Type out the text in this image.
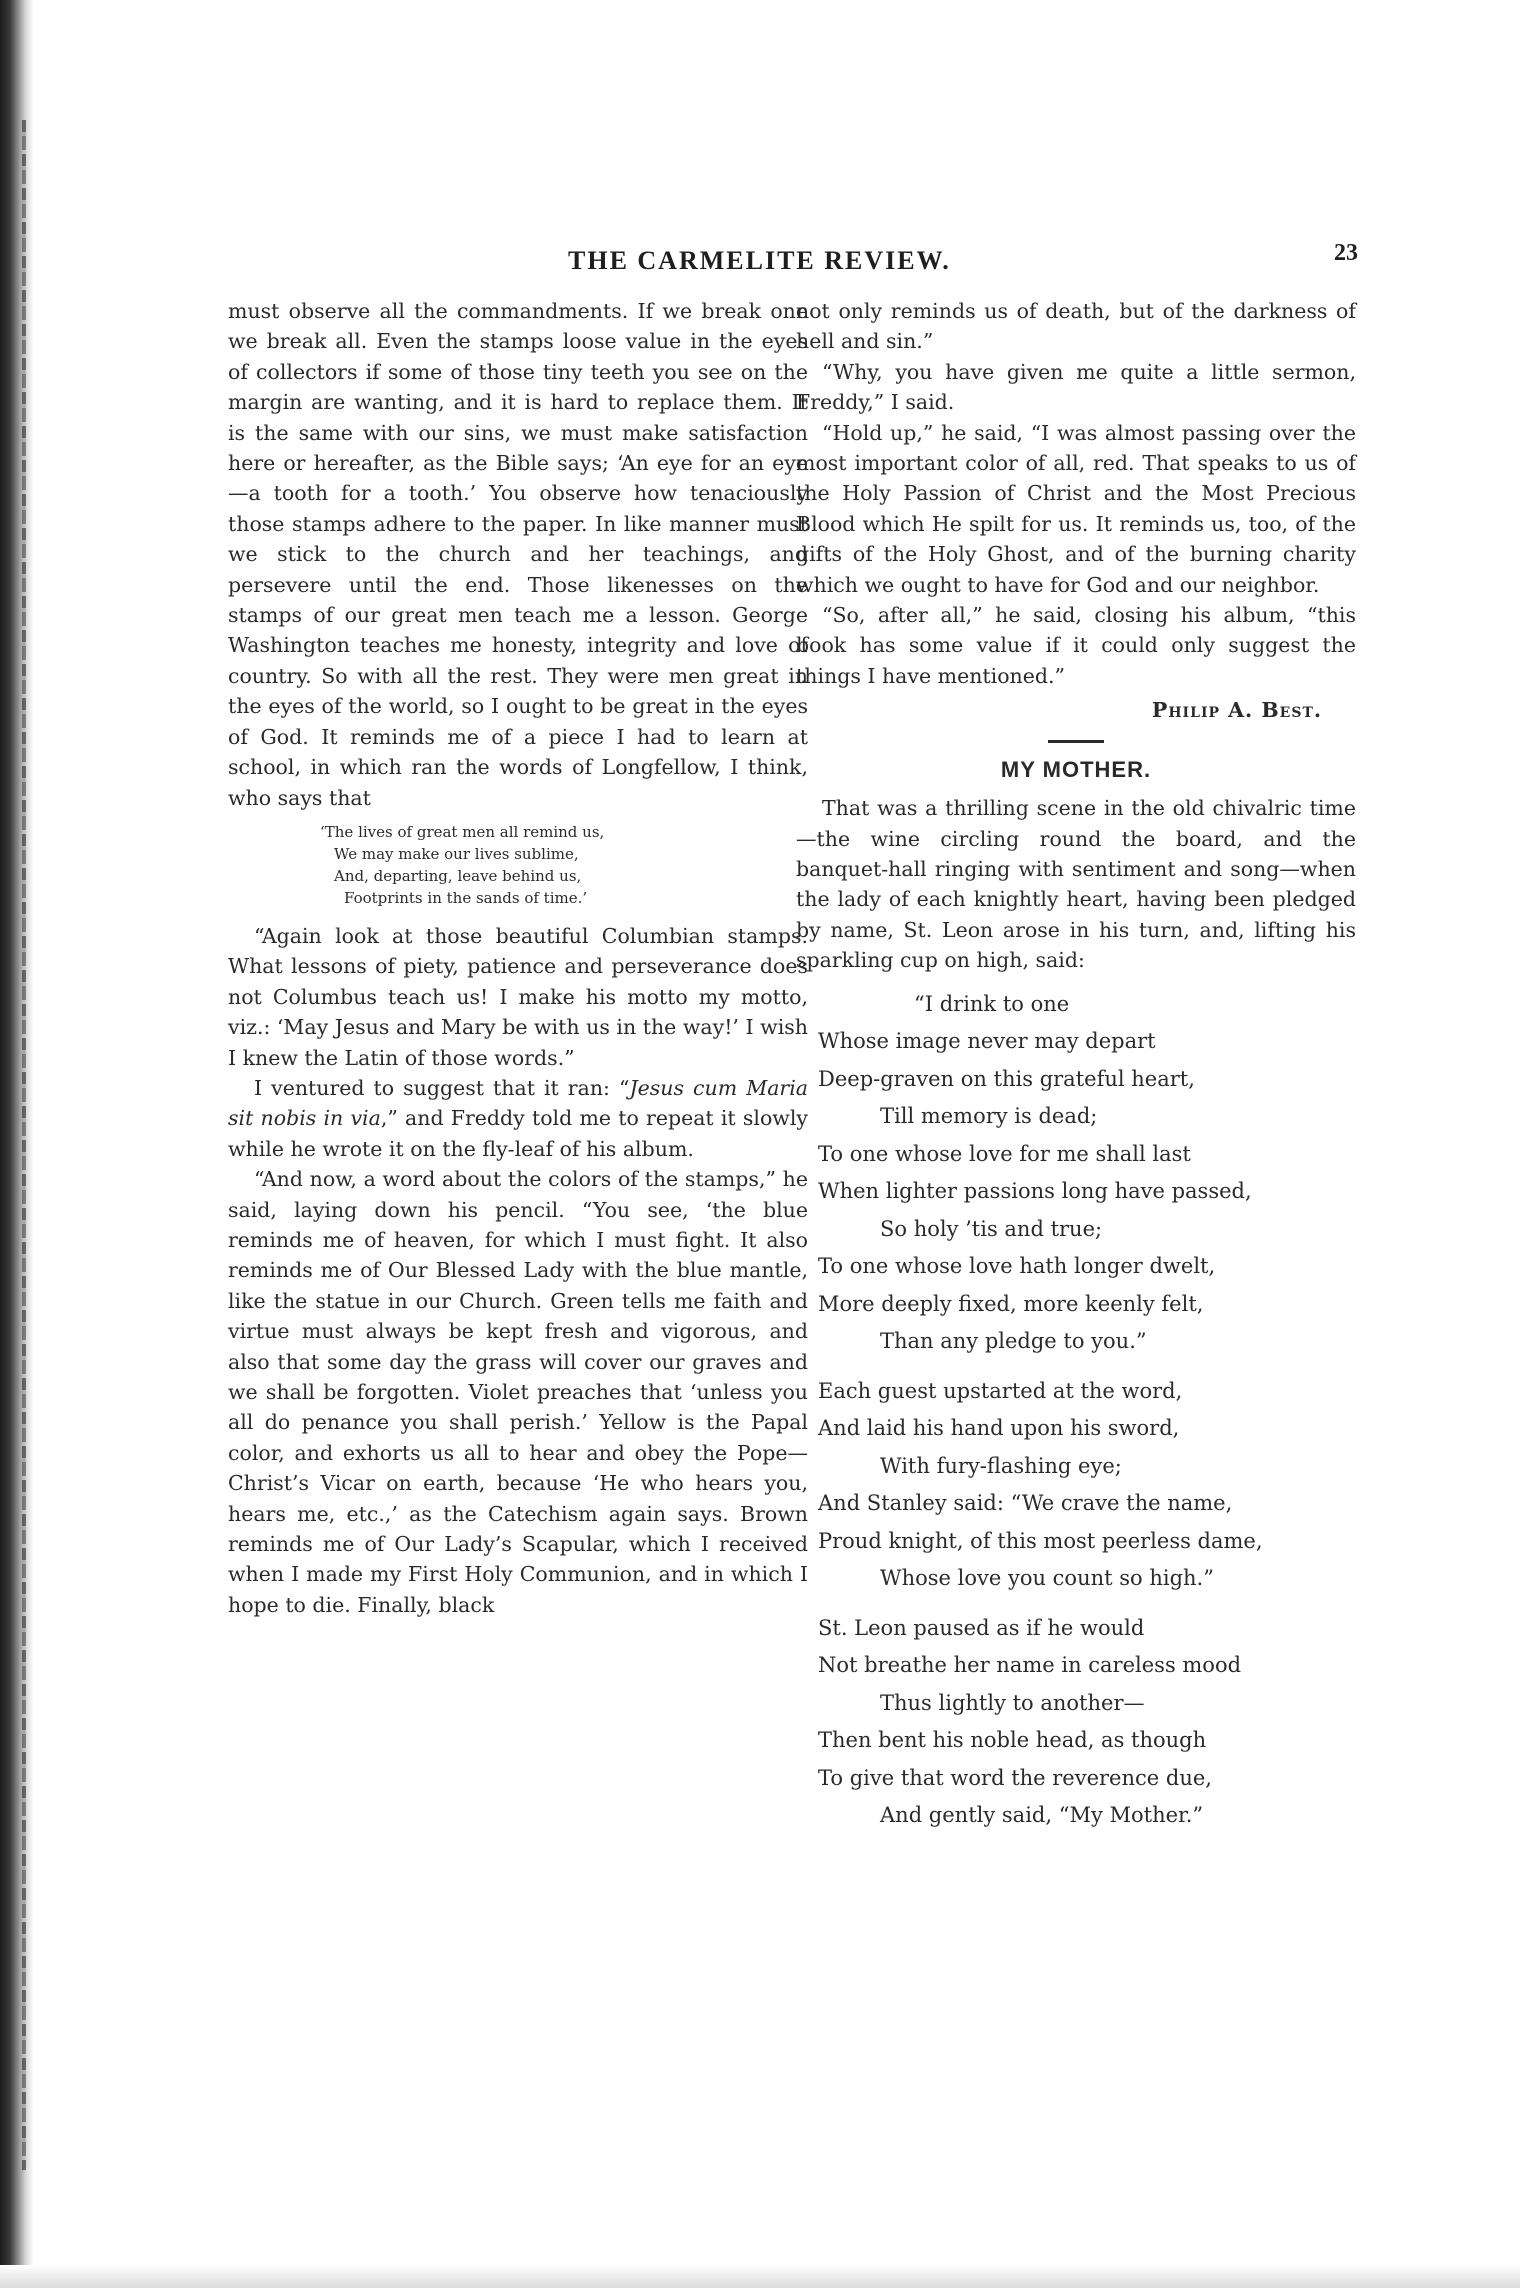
THE CARMELITE REVIEW.	23

must observe all the commandments. If we break one we break all. Even the stamps loose value in the eyes of collectors if some of those tiny teeth you see on the margin are wanting, and it is hard to replace them. It is the same with our sins, we must make satisfaction here or hereafter, as the Bible says; ‘An eye for an eye —a tooth for a tooth.’ You observe how tenaciously those stamps adhere to the paper. In like manner must we stick to the church and her teachings, and persevere until the end. Those likenesses on the stamps of our great men teach me a lesson. George Washington teaches me honesty, integrity and love of country. So with all the rest. They were men great in the eyes of the world, so I ought to be great in the eyes of God. It reminds me of a piece I had to learn at school, in which ran the words of Longfellow, I think, who says that

‘The lives of great men all remind us,
We may make our lives sublime,
And, departing, leave behind us,
Footprints in the sands of time.’

“Again look at those beautiful Columbian stamps. What lessons of piety, patience and perseverance does not Columbus teach us! I make his motto my motto, viz.: ‘May Jesus and Mary be with us in the way!’ I wish I knew the Latin of those words.”

I ventured to suggest that it ran: “Jesus cum Maria sit nobis in via,” and Freddy told me to repeat it slowly while he wrote it on the fly-leaf of his album.

“And now, a word about the colors of the stamps,” he said, laying down his pencil. “You see, ‘the blue reminds me of heaven, for which I must fight. It also reminds me of Our Blessed Lady with the blue mantle, like the statue in our Church. Green tells me faith and virtue must always be kept fresh and vigorous, and also that some day the grass will cover our graves and we shall be forgotten. Violet preaches that ‘unless you all do penance you shall perish.’ Yellow is the Papal color, and exhorts us all to hear and obey the Pope—Christ’s Vicar on earth, because ‘He who hears you, hears me, etc.,’ as the Catechism again says. Brown reminds me of Our Lady’s Scapular, which I received when I made my First Holy Communion, and in which I hope to die. Finally, black

not only reminds us of death, but of the darkness of hell and sin.”

“Why, you have given me quite a little sermon, Freddy,” I said.

“Hold up,” he said, “I was almost passing over the most important color of all, red. That speaks to us of the Holy Passion of Christ and the Most Precious Blood which He spilt for us. It reminds us, too, of the gifts of the Holy Ghost, and of the burning charity which we ought to have for God and our neighbor.

“So, after all,” he said, closing his album, “this book has some value if it could only suggest the things I have mentioned.”

Philip A. Best.
MY MOTHER.

That was a thrilling scene in the old chivalric time—the wine circling round the board, and the banquet-hall ringing with sentiment and song—when the lady of each knightly heart, having been pledged by name, St. Leon arose in his turn, and, lifting his sparkling cup on high, said:

“I drink to one
Whose image never may depart
Deep-graven on this grateful heart,
Till memory is dead;
To one whose love for me shall last
When lighter passions long have passed,
So holy ’tis and true;
To one whose love hath longer dwelt,
More deeply fixed, more keenly felt,
Than any pledge to you.”
Each guest upstarted at the word,
And laid his hand upon his sword,
With fury-flashing eye;
And Stanley said: “We crave the name,
Proud knight, of this most peerless dame,
Whose love you count so high.”
St. Leon paused as if he would
Not breathe her name in careless mood
Thus lightly to another—
Then bent his noble head, as though
To give that word the reverence due,
And gently said, “My Mother.”
